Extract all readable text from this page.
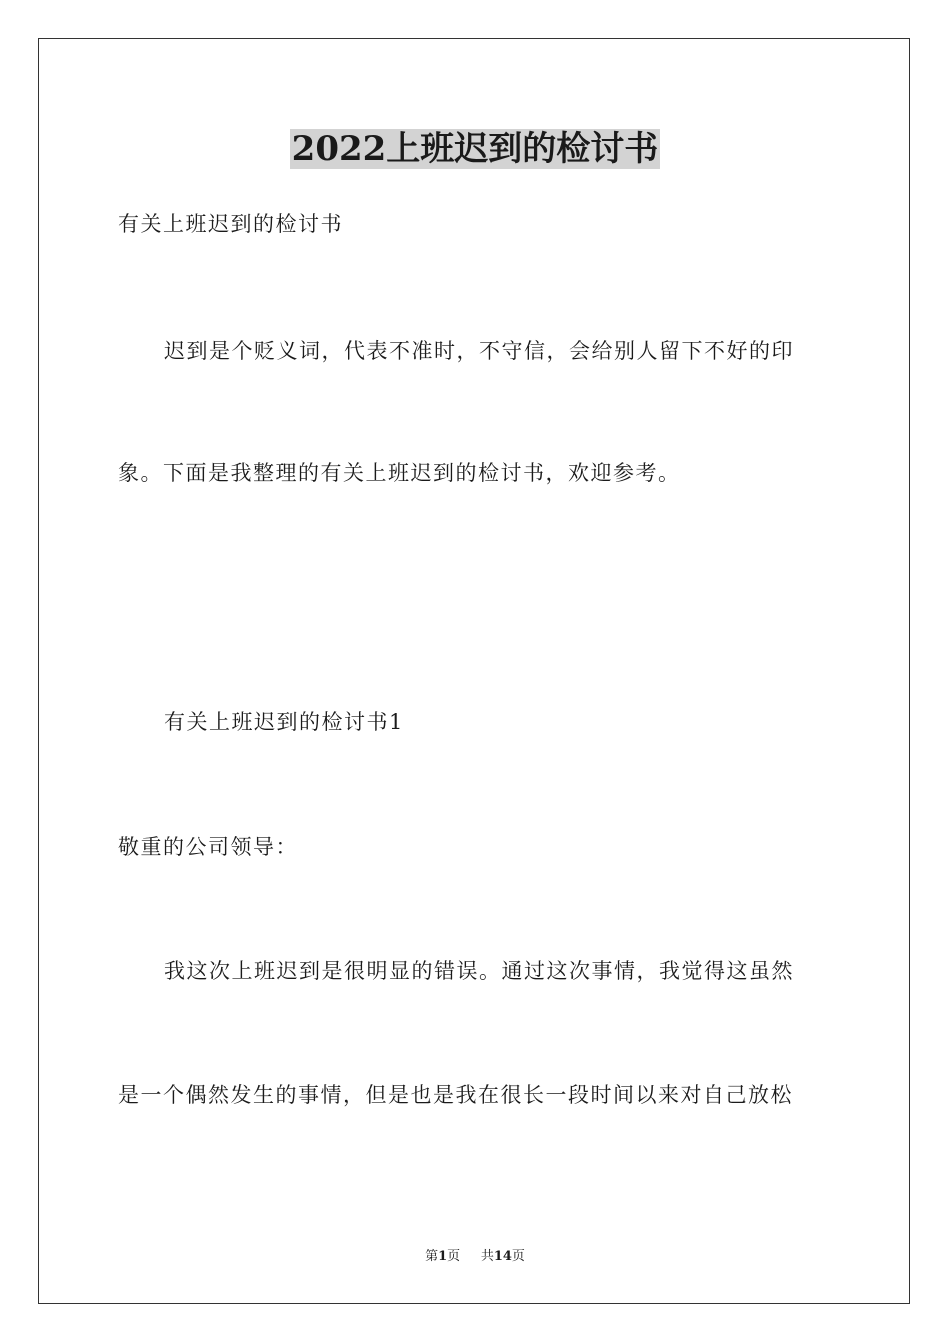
2022上班迟到的检讨书
有关上班迟到的检讨书
迟到是个贬义词，代表不准时，不守信，会给别人留下不好的印
象。下面是我整理的有关上班迟到的检讨书，欢迎参考。
有关上班迟到的检讨书1
敬重的公司领导：
我这次上班迟到是很明显的错误。通过这次事情，我觉得这虽然
是一个偶然发生的事情，但是也是我在很长一段时间以来对自己放松
第1页 共14页
